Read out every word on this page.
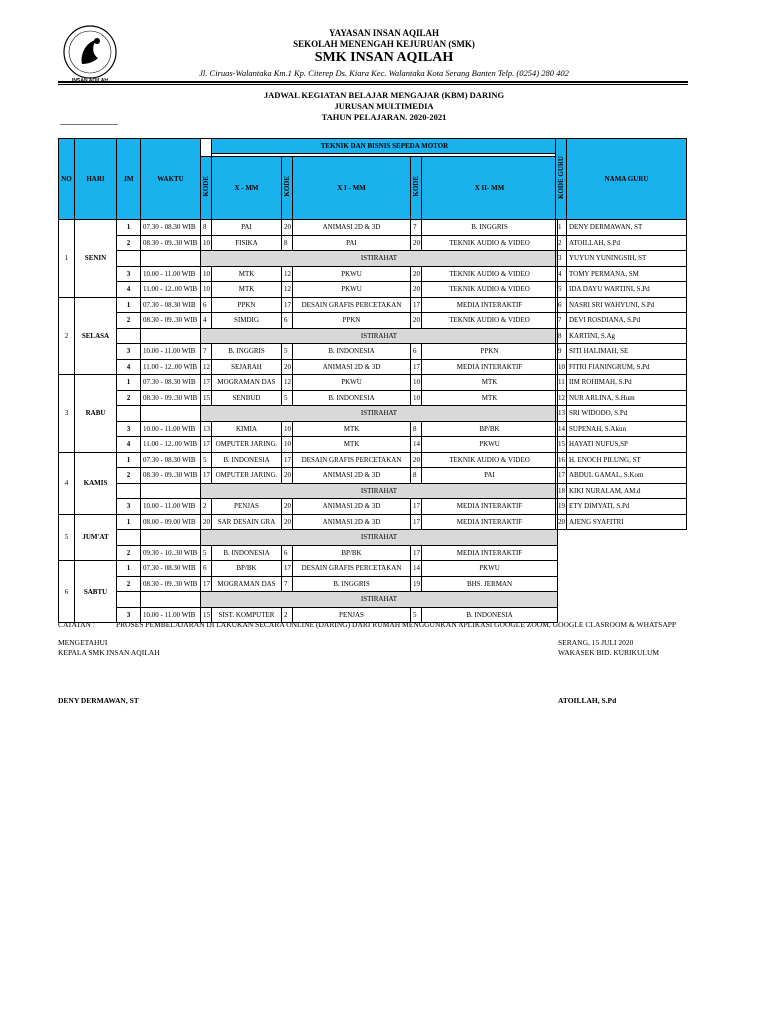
INSAN AQILAH
YAYASAN INSAN AQILAH
SEKOLAH MENENGAH KEJURUAN (SMK)
SMK INSAN AQILAH
Jl. Ciruas-Walantaka Km.1 Kp. Citerep Ds. Kiara Kec. Walantaka Kota Serang Banten Telp. (0254) 280 402
JADWAL KEGIATAN BELAJAR MENGAJAR (KBM) DARING
JURUSAN MULTIMEDIA
TAHUN PELAJARAN. 2020-2021
NO	HARI	JM	WAKTU		TEKNIK DAN BISNIS SEPEDA MOTOR				

				KODE	X - MM	KODE	X I - MM	KODE	X II- MM
1	SENIN	1	07.30 - 08.30 WIB	8	PAI	20	ANIMASI 2D & 3D	7	B. INGGRIS
		2	08.30 - 09..30 WIB	10	FISIKA	8	PAI	20	TEKNIK AUDIO & VIDEO
				ISTIRAHAT					
		3	10.00 - 11.00 WIB	10	MTK	12	PKWU	20	TEKNIK AUDIO & VIDEO
		4	11.00 - 12..00 WIB	10	MTK	12	PKWU	20	TEKNIK AUDIO & VIDEO
2	SELASA	1	07.30 - 08.30 WIB	6	PPKN	17	DESAIN GRAFIS PERCETAKAN	17	MEDIA INTERAKTIF
		2	08.30 - 09..30 WIB	4	SIMDIG	6	PPKN	20	TEKNIK AUDIO & VIDEO
				ISTIRAHAT					
		3	10.00 - 11.00 WIB	7	B. INGGRIS	5	B. INDONESIA	6	PPKN
		4	11.00 - 12..00 WIB	12	SEJARAH	20	ANIMASI 2D & 3D	17	MEDIA INTERAKTIF
3	RABU	1	07.30 - 08.30 WIB	17	MOGRAMAN DAS	12	PKWU	10	MTK
		2	08.30 - 09..30 WIB	15	SENBUD	5	B. INDONESIA	10	MTK
				ISTIRAHAT					
		3	10.00 - 11.00 WIB	13	KIMIA	10	MTK	8	BP/BK
		4	11.00 - 12..00 WIB	17	OMPUTER JARING.	10	MTK	14	PKWU
4	KAMIS	1	07.30 - 08.30 WIB	5	B. INDONESIA	17	DESAIN GRAFIS PERCETAKAN	20	TEKNIK AUDIO & VIDEO
		2	08.30 - 09..30 WIB	17	OMPUTER JARING.	20	ANIMASI 2D & 3D	8	PAI
				ISTIRAHAT					
		3	10.00 - 11.00 WIB	2	PENJAS	20	ANIMASI 2D & 3D	17	MEDIA INTERAKTIF
5	JUM'AT	1	08.00 - 09.00 WIB	20	SAR DESAIN GRA	20	ANIMASI 2D & 3D	17	MEDIA INTERAKTIF
				ISTIRAHAT					
		2	09.30 - 10..30 WIB	5	B. INDONESIA	6	BP/BK	17	MEDIA INTERAKTIF
6	SABTU	1	07.30 - 08.30 WIB	6	BP/BK	17	DESAIN GRAFIS PERCETAKAN	14	PKWU
		2	08.30 - 09..30 WIB	17	MOGRAMAN DAS	7	B. INGGRIS	19	BHS. JERMAN
				ISTIRAHAT					
		3	10.00 - 11.00 WIB	15	SIST. KOMPUTER	2	PENJAS	5	B. INDONESIA
KODE GURU	NAMA GURU
1	DENY DERMAWAN, ST
2	ATOILLAH, S.Pd
3	YUYUN YUNINGSIH, ST
4	TOMY PERMANA, SM
5	IDA DAYU WARTINI, S.Pd
6	NASRI SRI WAHYUNI, S.Pd
7	DEVI ROSDIANA, S.Pd
8	KARTINI, S.Ag
9	SITI HALIMAH, SE
10	FITRI FIANINGRUM, S.Pd
11	IIM ROHIMAH, S.Pd
12	NUR ARLINA, S.Hum
13	SRI WIDODO, S.Pd
14	SUPENAH, S.Akun
15	HAYATI NUFUS,SP
16	H. ENOCH PILUNG, ST
17	ABDUL GAMAL, S.Kom
18	KIKI NURALAM, AM.d
19	ETY DIMYATI, S.Pd
20	AJENG SYAFITRI
CATATAN :	PROSES PEMBELAJARAN DI LAKUKAN SECARA ONLINE (DARING) DARI RUMAH MENGGUNKAN APLIKASI GOOGLE ZOOM, GOOGLE CLASROOM & WHATSAPP
MENGETAHUI
KEPALA SMK INSAN AQILAH
SERANG, 15 JULI 2020
WAKASEK BID. KURIKULUM
DENY DERMAWAN, ST	ATOILLAH, S.Pd
